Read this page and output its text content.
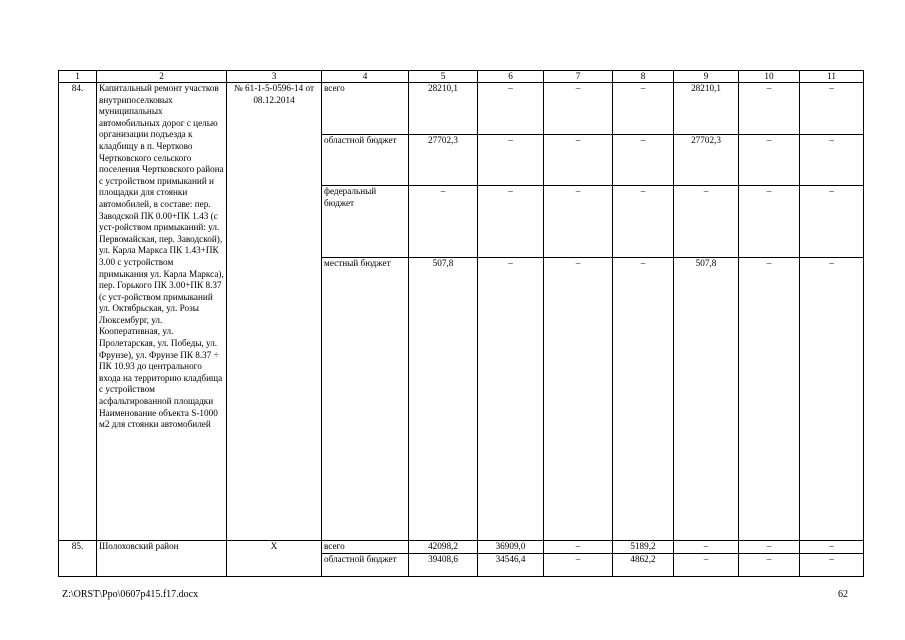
1	2	3	4	5	6	7	8	9	10	11
84.	Капитальный ремонт участков внутрипоселковых муниципальных автомобильных дорог с целью организации подъезда к кладбищу в п. Чертково Чертковского сельского поселения Чертковского района с устройством примыканий и площадки для стоянки автомобилей, в составе: пер. Заводской ПК 0.00+ПК 1.43 (с уст-ройством примыканий: ул. Первомайская, пер. Заводской), ул. Карла Маркса ПК 1.43+ПК 3.00 с устройством примыкания ул. Карла Маркса), пер. Горького ПК 3.00+ПК 8.37 (с уст-ройством примыканий ул. Октябрьская, ул. Розы Люксембург, ул. Кооперативная, ул. Пролетарская, ул. Победы, ул. Фрунзе), ул. Фрунзе ПК 8.37 ÷ ПК 10.93 до центрального входа на территорию кладбища с устройством асфальтированной площадки Наименование объекта S-1000 м2 для стоянки автомобилей	№ 61-1-5-0596-14 от 08.12.2014	всего	28210,1	–	–	–	28210,1	–	–
			областной бюджет	27702,3	–	–	–	27702,3	–	–
			федеральный бюджет	–	–	–	–	–	–	–
			местный бюджет	507,8	–	–	–	507,8	–	–
85.	Шолоховский район	Х	всего	42098,2	36909,0	–	5189,2	–	–	–
			областной бюджет	39408,6	34546,4	–	4862,2	–	–	–
Z:\ORST\Ppo\0607p415.f17.docx	62
